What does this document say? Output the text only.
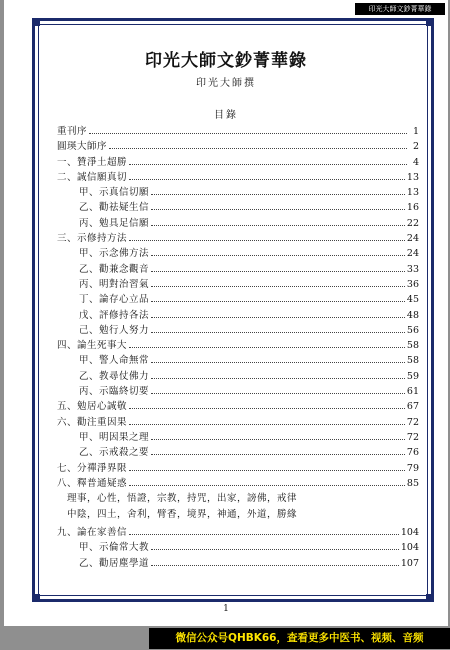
印光大師文鈔菁華錄
印光大師文鈔菁華錄
印光大師撰
目錄
重刊序	1
圓瑛大師序	2
一、贊淨土超勝	4
二、誠信願真切	13
甲、示真信切願	13
乙、勸祛疑生信	16
丙、勉具足信願	22
三、示修持方法	24
甲、示念佛方法	24
乙、勸兼念觀音	33
丙、明對治習氣	36
丁、論存心立品	45
戊、評修持各法	48
己、勉行人努力	56
四、論生死事大	58
甲、警人命無常	58
乙、教尋仗佛力	59
丙、示臨終切要	61
五、勉居心誠敬	67
六、勸注重因果	72
甲、明因果之理	72
乙、示戒殺之要	76
七、分禪淨界限	79
八、釋普通疑惑	85
理事，心性，悟證，宗教，持咒，出家，謗佛，戒律
中陰，四土，舍利，臂香，境界，神通，外道，勝緣
九、論在家善信	104
甲、示倫常大教	104
乙、勸居塵學道	107
1
微信公众号QHBK66，查看更多中医书、视频、音频
